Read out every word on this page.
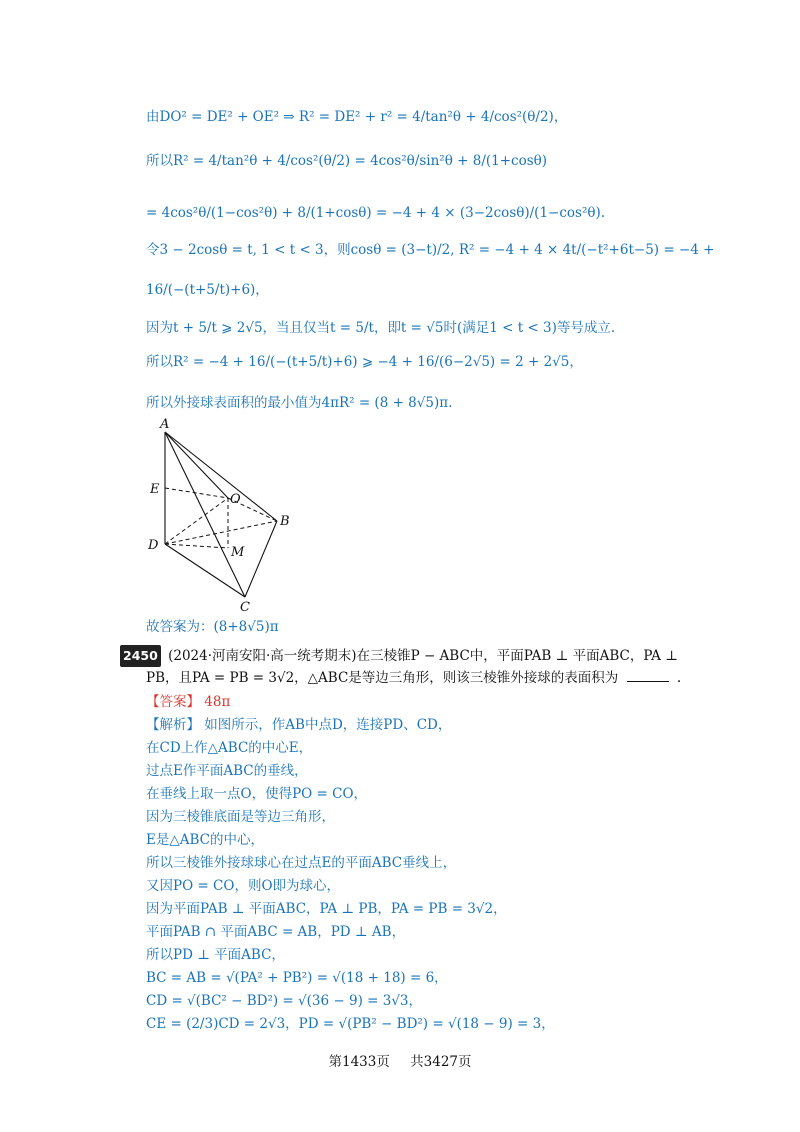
由DO² = DE² + OE² ⇒ R² = DE² + r² = 4/tan²θ + 4/cos²(θ/2)，
所以R² = 4/tan²θ + 4/cos²(θ/2) = 4cos²θ/sin²θ + 8/(1+cosθ)
= 4cos²θ/(1−cos²θ) + 8/(1+cosθ) = −4 + 4 × (3−2cosθ)/(1−cos²θ).
令3 − 2cosθ = t, 1 < t < 3，则cosθ = (3−t)/2, R² = −4 + 4 × 4t/(−t²+6t−5) = −4 +
16/(−(t+5/t)+6)，
因为t + 5/t ⩾ 2√5，当且仅当t = 5/t，即t = √5时(满足1 < t < 3)等号成立.
所以R² = −4 + 16/(−(t+5/t)+6) ⩾ −4 + 16/(6−2√5) = 2 + 2√5，
所以外接球表面积的最小值为4πR² = (8 + 8√5)π.
A
E
O
B
D	M
C
故答案为：(8+8√5)π
2450 (2024·河南安阳·高一统考期末)在三棱锥P − ABC中，平面PAB ⊥ 平面ABC，PA ⊥
PB，且PA = PB = 3√2，△ABC是等边三角形，则该三棱锥外接球的表面积为	.
【答案】 48π
【解析】 如图所示，作AB中点D，连接PD、CD，
在CD上作△ABC的中心E，
过点E作平面ABC的垂线，
在垂线上取一点O，使得PO = CO，
因为三棱锥底面是等边三角形，
E是△ABC的中心，
所以三棱锥外接球球心在过点E的平面ABC垂线上，
又因PO = CO，则O即为球心，
因为平面PAB ⊥ 平面ABC，PA ⊥ PB，PA = PB = 3√2，
平面PAB ∩ 平面ABC = AB，PD ⊥ AB，
所以PD ⊥ 平面ABC，
BC = AB = √(PA² + PB²) = √(18 + 18) = 6，
CD = √(BC² − BD²) = √(36 − 9) = 3√3，
CE = (2/3)CD = 2√3，PD = √(PB² − BD²) = √(18 − 9) = 3，
第1433页 共3427页
